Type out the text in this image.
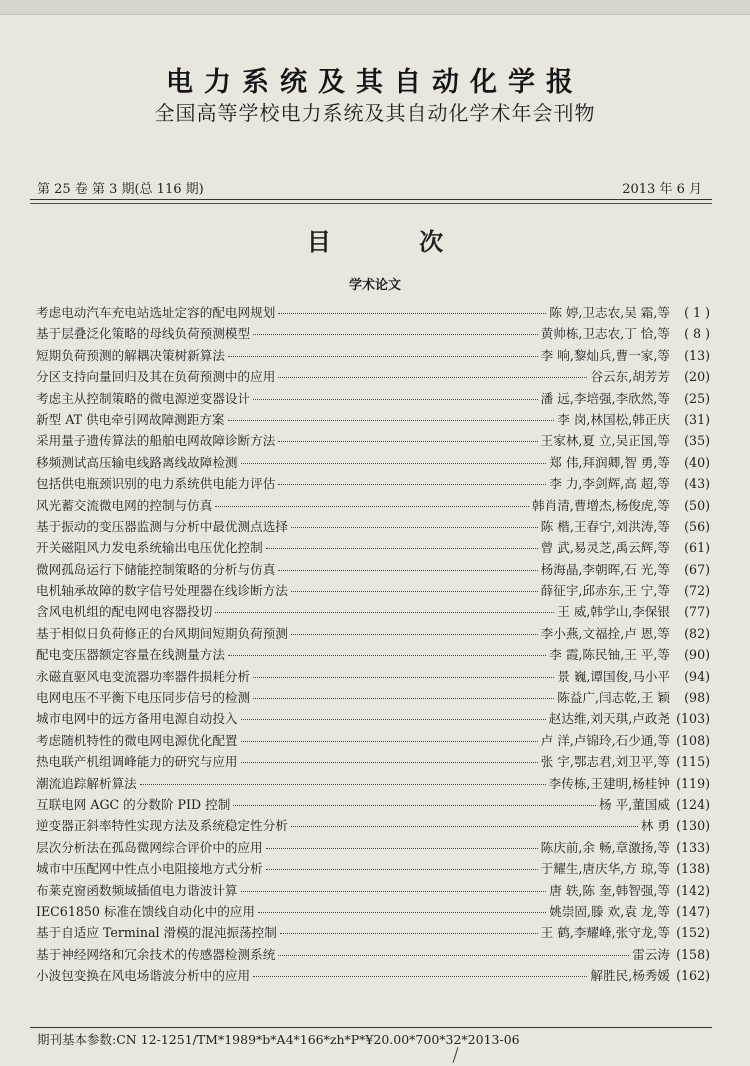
电力系统及其自动化学报
全国高等学校电力系统及其自动化学术年会刊物
第 25 卷 第 3 期(总 116 期)	2013 年 6 月
目 次
学术论文
考虑电动汽车充电站选址定容的配电网规划	陈 婷,卫志农,吴 霜,等	( 1 )
基于层叠泛化策略的母线负荷预测模型	黄帅栋,卫志农,丁 恰,等	( 8 )
短期负荷预测的解耦决策树新算法	李 响,黎灿兵,曹一家,等	(13)
分区支持向量回归及其在负荷预测中的应用	谷云东,胡芳芳	(20)
考虑主从控制策略的微电源逆变器设计	潘 远,李培强,李欣然,等	(25)
新型 AT 供电牵引网故障测距方案	李 岗,林国松,韩正庆	(31)
采用量子遗传算法的船舶电网故障诊断方法	王家林,夏 立,吴正国,等	(35)
移频测试高压输电线路离线故障检测	郑 伟,拜润卿,智 勇,等	(40)
包括供电瓶颈识别的电力系统供电能力评估	李 力,李剑辉,高 超,等	(43)
风光蓄交流微电网的控制与仿真	韩肖清,曹增杰,杨俊虎,等	(50)
基于振动的变压器监测与分析中最优测点选择	陈 楷,王春宁,刘洪涛,等	(56)
开关磁阻风力发电系统输出电压优化控制	曾 武,易灵芝,禹云辉,等	(61)
微网孤岛运行下储能控制策略的分析与仿真	杨海晶,李朝晖,石 光,等	(67)
电机轴承故障的数字信号处理器在线诊断方法	薛征宇,邱赤东,王 宁,等	(72)
含风电机组的配电网电容器投切	王 威,韩学山,李保银	(77)
基于相似日负荷修正的台风期间短期负荷预测	李小燕,文福拴,卢 恩,等	(82)
配电变压器额定容量在线测量方法	李 霞,陈民铀,王 平,等	(90)
永磁直驱风电变流器功率器件损耗分析	景 巍,谭国俊,马小平	(94)
电网电压不平衡下电压同步信号的检测	陈益广,闫志乾,王 颖	(98)
城市电网中的远方备用电源自动投入	赵达维,刘天琪,卢政尧 (103)
考虑随机特性的微电网电源优化配置	卢 洋,卢锦玲,石少通,等 (108)
热电联产机组调峰能力的研究与应用	张 宇,鄂志君,刘卫平,等 (115)
潮流追踪解析算法	李传栋,王建明,杨桂钟 (119)
互联电网 AGC 的分数阶 PID 控制	杨 平,董国威 (124)
逆变器正斜率特性实现方法及系统稳定性分析	林 勇 (130)
层次分析法在孤岛微网综合评价中的应用	陈庆前,余 畅,章激扬,等 (133)
城市中压配网中性点小电阻接地方式分析	于耀生,唐庆华,方 琼,等 (138)
布莱克窗函数频域插值电力谐波计算	唐 轶,陈 奎,韩智强,等 (142)
IEC61850 标准在馈线自动化中的应用	姚崇固,滕 欢,袁 龙,等 (147)
基于自适应 Terminal 滑模的混沌振荡控制	王 鹤,李耀峰,张守龙,等 (152)
基于神经网络和冗余技术的传感器检测系统	雷云涛 (158)
小波包变换在风电场谐波分析中的应用	解胜民,杨秀媛 (162)
期刊基本参数:CN 12-1251/TM*1989*b*A4*166*zh*P*¥20.00*700*32*2013-06
